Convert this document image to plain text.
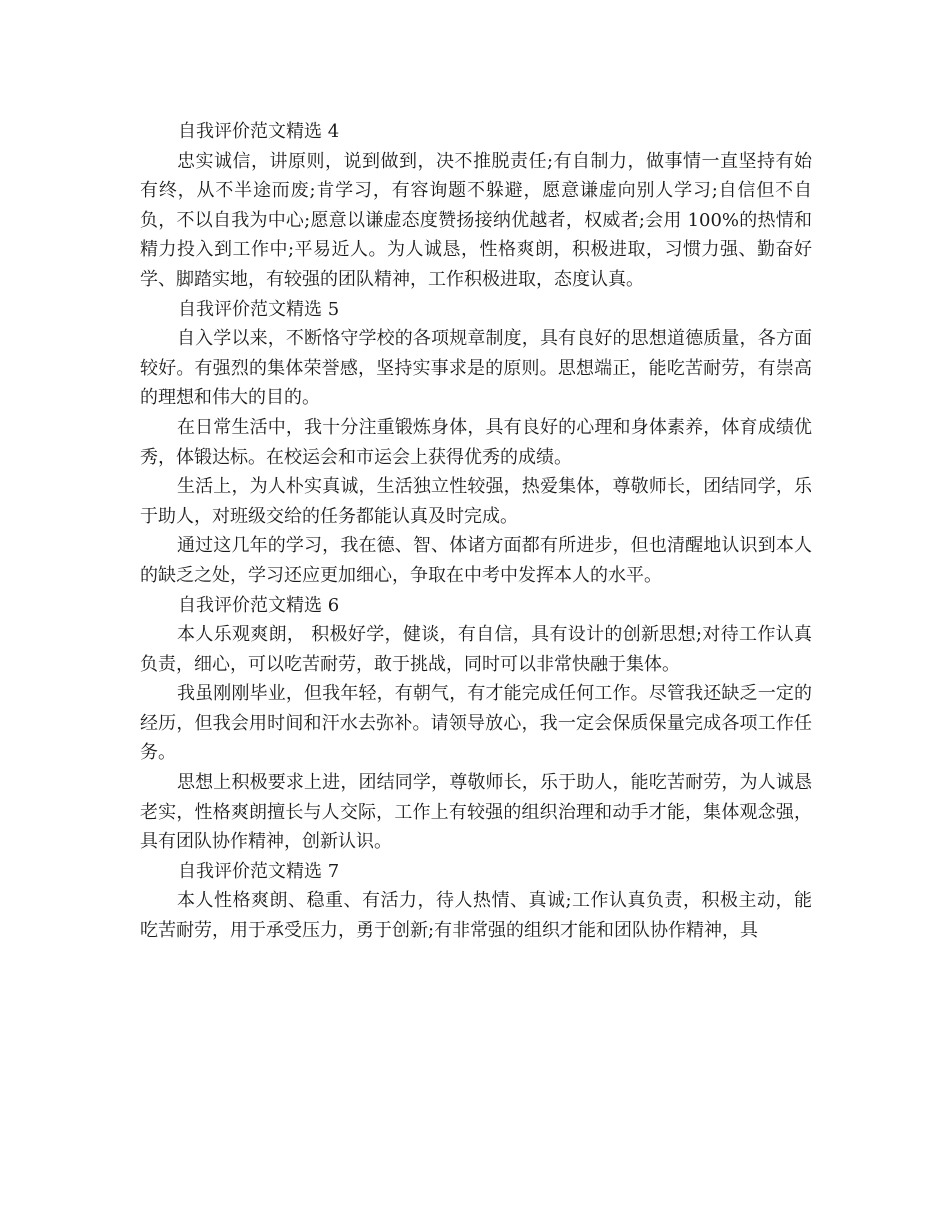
自我评价范文精选 4

忠实诚信，讲原则，说到做到，决不推脱责任;有自制力，做事情一直坚持有始有终，从不半途而废;肯学习，有容询题不躲避，愿意谦虚向别人学习;自信但不自负，不以自我为中心;愿意以谦虚态度赞扬接纳优越者，权威者;会用 100%的热情和精力投入到工作中;平易近人。为人诚恳，性格爽朗，积极进取，习惯力强、勤奋好学、脚踏实地，有较强的团队精神，工作积极进取，态度认真。

自我评价范文精选 5

自入学以来，不断恪守学校的各项规章制度，具有良好的思想道德质量，各方面较好。有强烈的集体荣誉感，坚持实事求是的原则。思想端正，能吃苦耐劳，有崇高的理想和伟大的目的。

在日常生活中，我十分注重锻炼身体，具有良好的心理和身体素养，体育成绩优秀，体锻达标。在校运会和市运会上获得优秀的成绩。

生活上，为人朴实真诚，生活独立性较强，热爱集体，尊敬师长，团结同学，乐于助人，对班级交给的任务都能认真及时完成。

通过这几年的学习，我在德、智、体诸方面都有所进步，但也清醒地认识到本人的缺乏之处，学习还应更加细心，争取在中考中发挥本人的水平。

自我评价范文精选 6

本人乐观爽朗， 积极好学，健谈，有自信，具有设计的创新思想;对待工作认真负责，细心，可以吃苦耐劳，敢于挑战，同时可以非常快融于集体。

我虽刚刚毕业，但我年轻，有朝气，有才能完成任何工作。尽管我还缺乏一定的经历，但我会用时间和汗水去弥补。请领导放心，我一定会保质保量完成各项工作任务。

思想上积极要求上进，团结同学，尊敬师长，乐于助人，能吃苦耐劳，为人诚恳老实，性格爽朗擅长与人交际，工作上有较强的组织治理和动手才能，集体观念强，具有团队协作精神，创新认识。

自我评价范文精选 7

本人性格爽朗、稳重、有活力，待人热情、真诚;工作认真负责，积极主动，能吃苦耐劳，用于承受压力，勇于创新;有非常强的组织才能和团队协作精神，具
